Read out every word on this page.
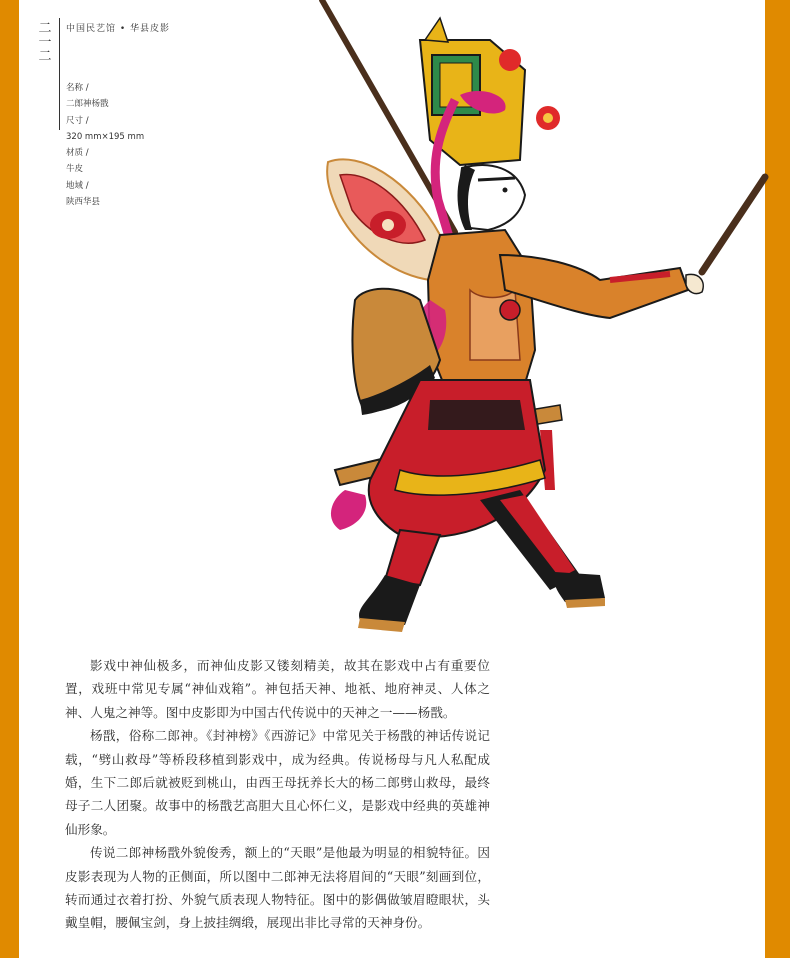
二
一
二
中国民艺馆 • 华县皮影
名称 /
二郎神杨戬
尺寸 /
320 mm×195 mm
材质 /
牛皮
地域 /
陕西华县

影戏中神仙极多，而神仙皮影又镂刻精美，故其在影戏中占有重要位置，戏班中常见专属“神仙戏箱”。神包括天神、地祇、地府神灵、人体之神、人鬼之神等。图中皮影即为中国古代传说中的天神之一——杨戬。

杨戬，俗称二郎神。《封神榜》《西游记》中常见关于杨戬的神话传说记载，“劈山救母”等桥段移植到影戏中，成为经典。传说杨母与凡人私配成婚，生下二郎后就被贬到桃山，由西王母抚养长大的杨二郎劈山救母，最终母子二人团聚。故事中的杨戬艺高胆大且心怀仁义，是影戏中经典的英雄神仙形象。

传说二郎神杨戬外貌俊秀，额上的“天眼”是他最为明显的相貌特征。因皮影表现为人物的正侧面，所以图中二郎神无法将眉间的“天眼”刻画到位，转而通过衣着打扮、外貌气质表现人物特征。图中的影偶做皱眉瞪眼状，头戴皇帽，腰佩宝剑，身上披挂绸缎，展现出非比寻常的天神身份。
